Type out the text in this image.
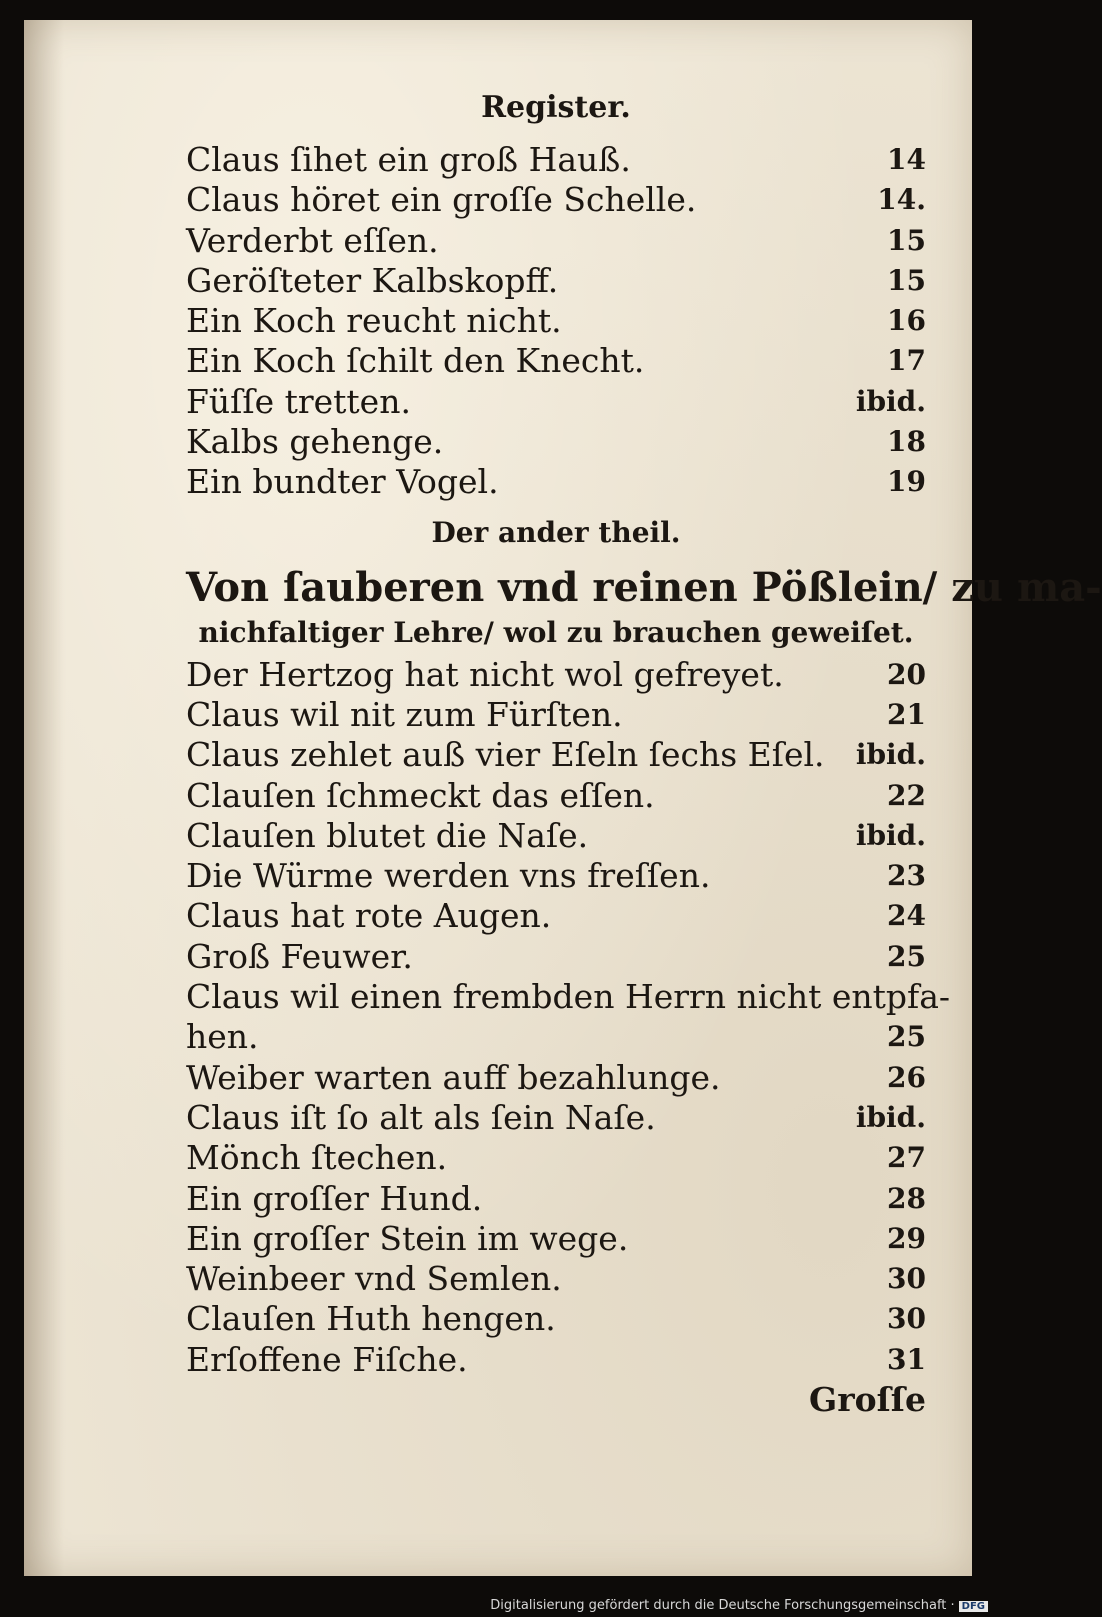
Register.
Claus ſihet ein groß Hauß.	14
Claus höret ein groſſe Schelle.	14.
Verderbt eſſen.	15
Geröſteter Kalbskopff.	15
Ein Koch reucht nicht.	16
Ein Koch ſchilt den Knecht.	17
Füſſe tretten.	ibid.
Kalbs gehenge.	18
Ein bundter Vogel.	19
Der ander theil.
Von ſauberen vnd reinen Pößlein/ zu ma-
nichfaltiger Lehre/ wol zu brauchen geweiſet.
Der Hertzog hat nicht wol gefreyet.	20
Claus wil nit zum Fürſten.	21
Claus zehlet auß vier Eſeln ſechs Eſel. ibid.
Clauſen ſchmeckt das eſſen.	22
Clauſen blutet die Naſe.	ibid.
Die Würme werden vns freſſen.	23
Claus hat rote Augen.	24
Groß Feuwer.	25
Claus wil einen frembden Herrn nicht entpfa-
hen.	25
Weiber warten auff bezahlunge.	26
Claus iſt ſo alt als ſein Naſe.	ibid.
Mönch ſtechen.	27
Ein groſſer Hund.	28
Ein groſſer Stein im wege.	29
Weinbeer vnd Semlen.	30
Clauſen Huth hengen.	30
Erſoffene Fiſche.	31
Groſſe
Digitalisierung gefördert durch die Deutsche Forschungsgemeinschaft · DFG
